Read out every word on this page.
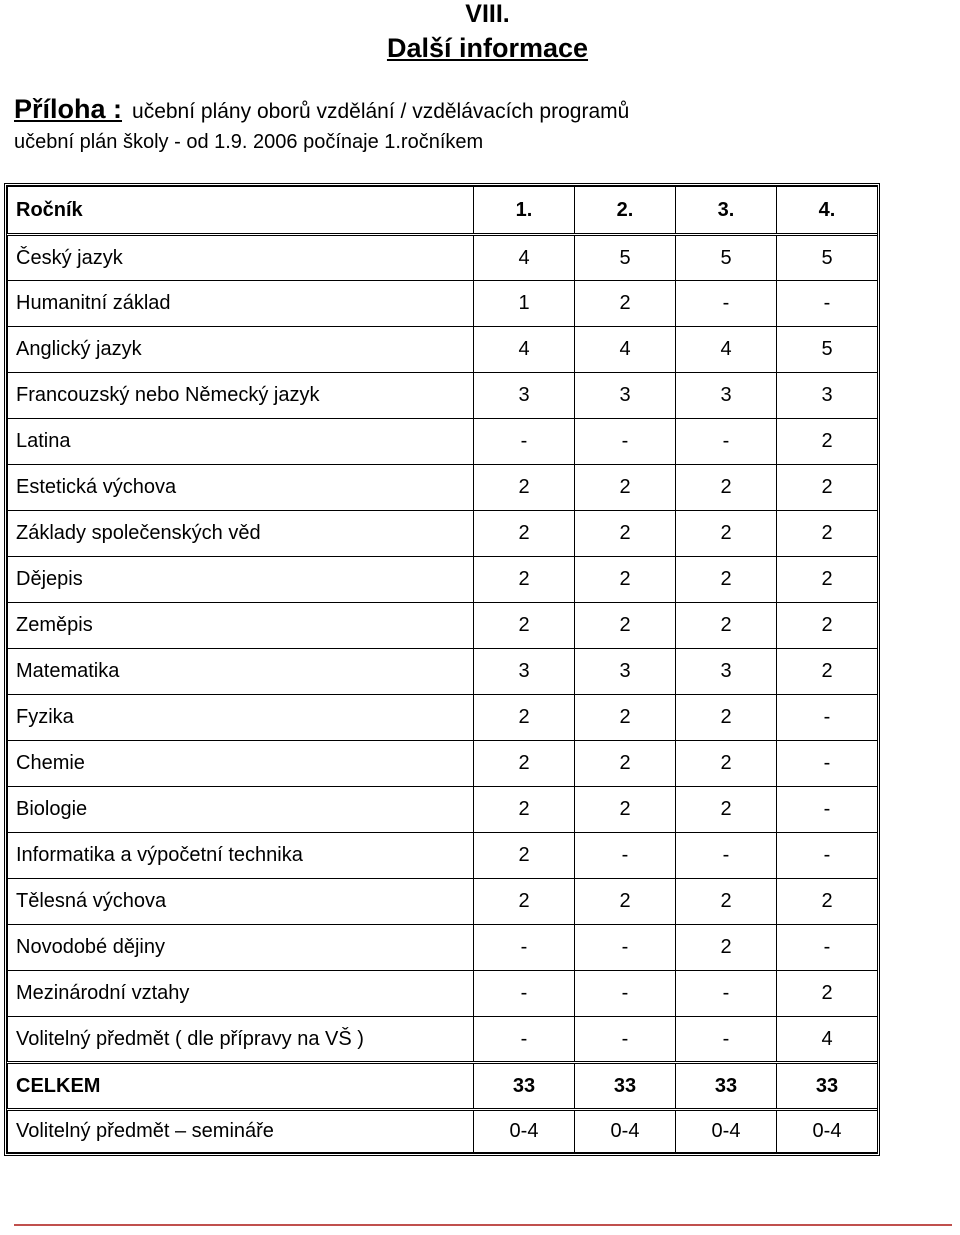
VIII.
Další informace
Příloha : učební plány oborů vzdělání / vzdělávacích programů
učební plán školy - od 1.9. 2006 počínaje 1.ročníkem
Ročník	1.	2.	3.	4.
Český jazyk	4	5	5	5
Humanitní základ	1	2	-	-
Anglický jazyk	4	4	4	5
Francouzský nebo Německý jazyk	3	3	3	3
Latina	-	-	-	2
Estetická výchova	2	2	2	2
Základy společenských věd	2	2	2	2
Dějepis	2	2	2	2
Zeměpis	2	2	2	2
Matematika	3	3	3	2
Fyzika	2	2	2	-
Chemie	2	2	2	-
Biologie	2	2	2	-
Informatika a výpočetní technika	2	-	-	-
Tělesná výchova	2	2	2	2
Novodobé dějiny	-	-	2	-
Mezinárodní vztahy	-	-	-	2
Volitelný předmět ( dle přípravy na VŠ )	-	-	-	4
CELKEM	33	33	33	33
Volitelný předmět – semináře	0-4	0-4	0-4	0-4
